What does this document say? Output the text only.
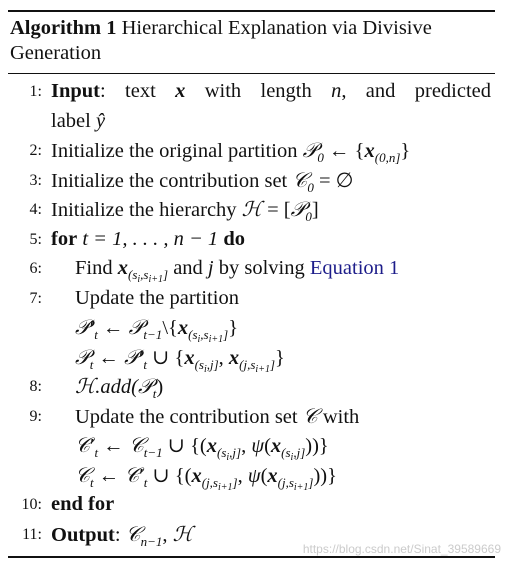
Algorithm 1 Hierarchical Explanation via Divisive Generation
1: Input: text x with length n, and predicted
label ŷ
2: Initialize the original partition 𝒫$_0$ ← $\{x_{(0,n]}\}$
3: Initialize the contribution set 𝒞$_0$ = ∅
4: Initialize the hierarchy ℋ = [𝒫$_0$]
5: for t = 1, . . . , n − 1 do
6: Find $x_{(s_i,s_{i+1}]}$ and j by solving Equation 1
7: Update the partition
$𝒫'_t$ ← $𝒫_{t-1}\backslash\{x_{(s_i,s_{i+1}]}\}$
𝒫$_t$ ← $𝒫'_t$ ∪ {$x_{(s_i,j]}$, $x_{(j,s_{i+1}]}$}
8: ℋ.add(𝒫$_t$)
9: Update the contribution set 𝒞 with
$𝒞'_t$ ← 𝒞$_{t-1}$ ∪ {($x_{(s_i,j]}$, $\psi(x_{(s_i,j]})$)}
𝒞$_t$ ← $𝒞'_t$ ∪ {($x_{(j,s_{i+1}]}$, $\psi(x_{(j,s_{i+1}]})$)}
10: end for
11: Output: 𝒞$_{n-1}$, ℋ
https://blog.csdn.net/Sinat_39589669
